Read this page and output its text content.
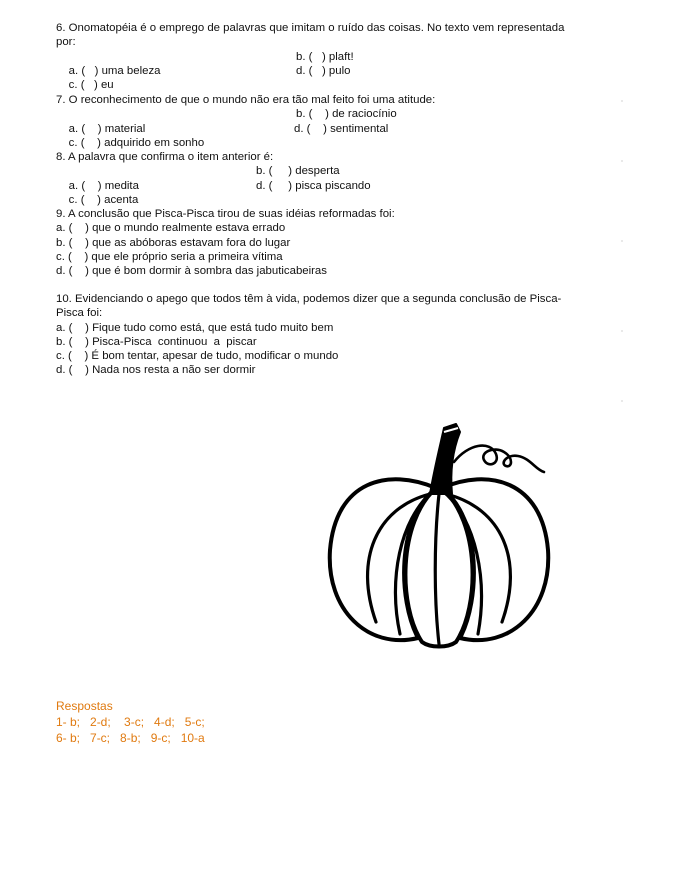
6. Onomatopéia é o emprego de palavras que imitam o ruído das coisas. No texto vem representada
por:

a. (   ) uma beleza

b. (   ) plaft!

c. (   ) eu

d. (   ) pulo

7. O reconhecimento de que o mundo não era tão mal feito foi uma atitude:

a. (    ) material

b. (    ) de raciocínio

c. (    ) adquirido em sonho

d. (    ) sentimental

8. A palavra que confirma o item anterior é:

a. (    ) medita

b. (     ) desperta

c. (    ) acenta

d. (     ) pisca piscando

9. A conclusão que Pisca-Pisca tirou de suas idéias reformadas foi:
a. (    ) que o mundo realmente estava errado
b. (    ) que as abóboras estavam fora do lugar
c. (    ) que ele próprio seria a primeira vítima
d. (    ) que é bom dormir à sombra das jabuticabeiras
10. Evidenciando o apego que todos têm à vida, podemos dizer que a segunda conclusão de Pisca-
Pisca foi:
a. (    ) Fique tudo como está, que está tudo muito bem
b. (    ) Pisca-Pisca  continuou  a  piscar
c. (    ) É bom tentar, apesar de tudo, modificar o mundo
d. (    ) Nada nos resta a não ser dormir
Respostas
1- b;   2-d;    3-c;   4-d;   5-c;
6- b;   7-c;   8-b;   9-c;   10-a
